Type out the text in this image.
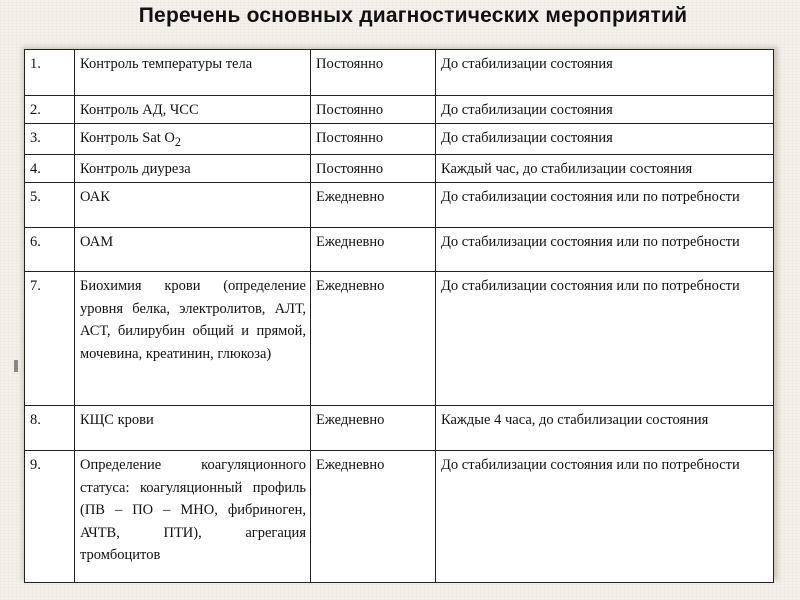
Перечень основных диагностических мероприятий
1.	Контроль температуры тела	Постоянно	До стабилизации состояния
2.	Контроль АД, ЧСС	Постоянно	До стабилизации состояния
3.	Контроль Sat $O_2$	Постоянно	До стабилизации состояния
4.	Контроль диуреза	Постоянно	Каждый час, до стабилизации состояния
5.	ОАК	Ежедневно	До стабилизации состояния или по потребности
6.	ОАМ	Ежедневно	До стабилизации состояния или по потребности
7.	Биохимия крови (определение уровня белка, электролитов, АЛТ, АСТ, билирубин общий и прямой, мочевина, креатинин, глюкоза)	Ежедневно	До стабилизации состояния или по потребности
8.	КЩС крови	Ежедневно	Каждые 4 часа, до стабилизации состояния
9.	Определение коагуляционного статуса: коагуляционный профиль (ПВ – ПО – МНО, фибриноген, АЧТВ, ПТИ), агрегация тромбоцитов	Ежедневно	До стабилизации состояния или по потребности
